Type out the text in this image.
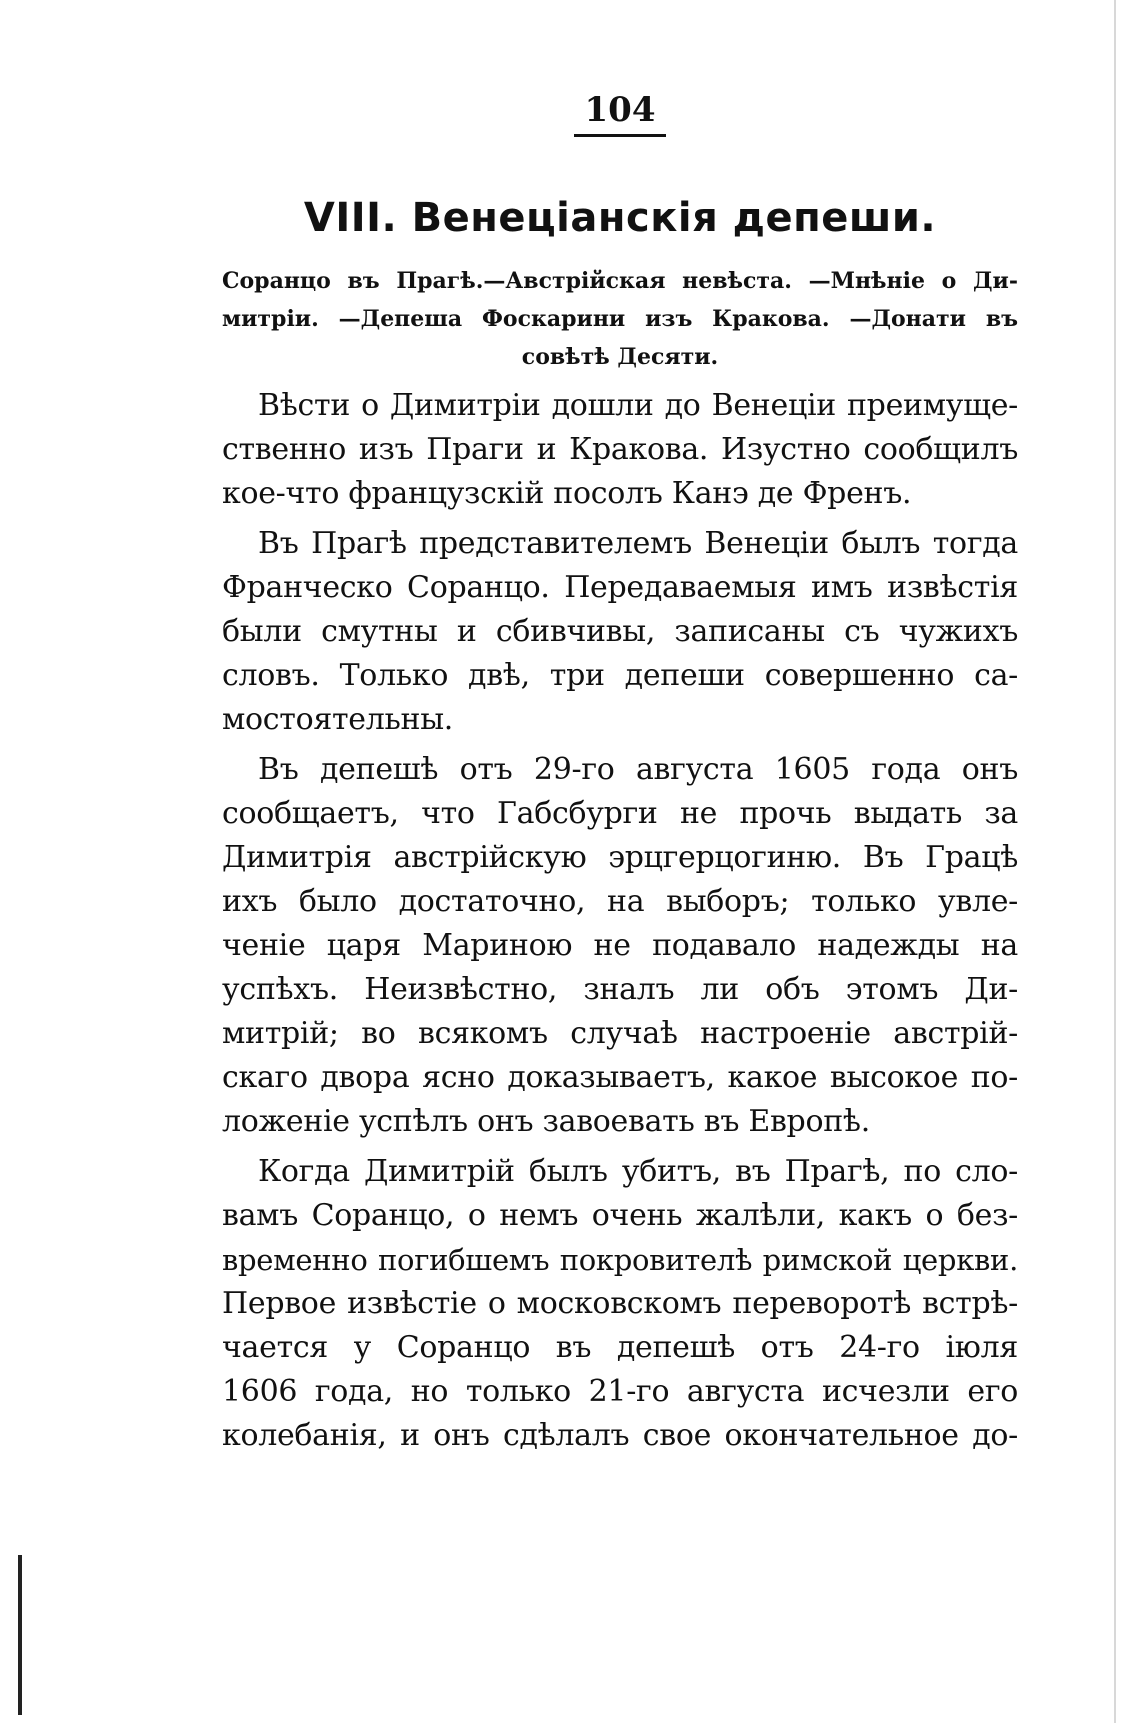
104
VIII. Венеціанскія депеши.
Соранцо въ Прагѣ.—Австрійская невѣста. —Мнѣніе о Ди-
митріи. —Депеша Фоскарини изъ Кракова. —Донати въ
совѣтѣ Десяти.
Вѣсти о Димитріи дошли до Венеціи преимуще-
ственно изъ Праги и Кракова. Изустно сообщилъ
кое-что французскій посолъ Канэ де Френъ.
Въ Прагѣ представителемъ Венеціи былъ тогда
Франческо Соранцо. Передаваемыя имъ извѣстія
были смутны и сбивчивы, записаны съ чужихъ
словъ. Только двѣ, три депеши совершенно са-
мостоятельны.
Въ депешѣ отъ 29-го августа 1605 года онъ
сообщаетъ, что Габсбурги не прочь выдать за
Димитрія австрійскую эрцгерцогиню. Въ Грацѣ
ихъ было достаточно, на выборъ; только увле-
ченіе царя Мариною не подавало надежды на
успѣхъ. Неизвѣстно, зналъ ли объ этомъ Ди-
митрій; во всякомъ случаѣ настроеніе австрій-
скаго двора ясно доказываетъ, какое высокое по-
ложеніе успѣлъ онъ завоевать въ Европѣ.
Когда Димитрій былъ убитъ, въ Прагѣ, по сло-
вамъ Соранцо, о немъ очень жалѣли, какъ о без-
временно погибшемъ покровителѣ римской церкви.
Первое извѣстіе о московскомъ переворотѣ встрѣ-
чается у Соранцо въ депешѣ отъ 24-го іюля
1606 года, но только 21-го августа исчезли его
колебанія, и онъ сдѣлалъ свое окончательное до-
